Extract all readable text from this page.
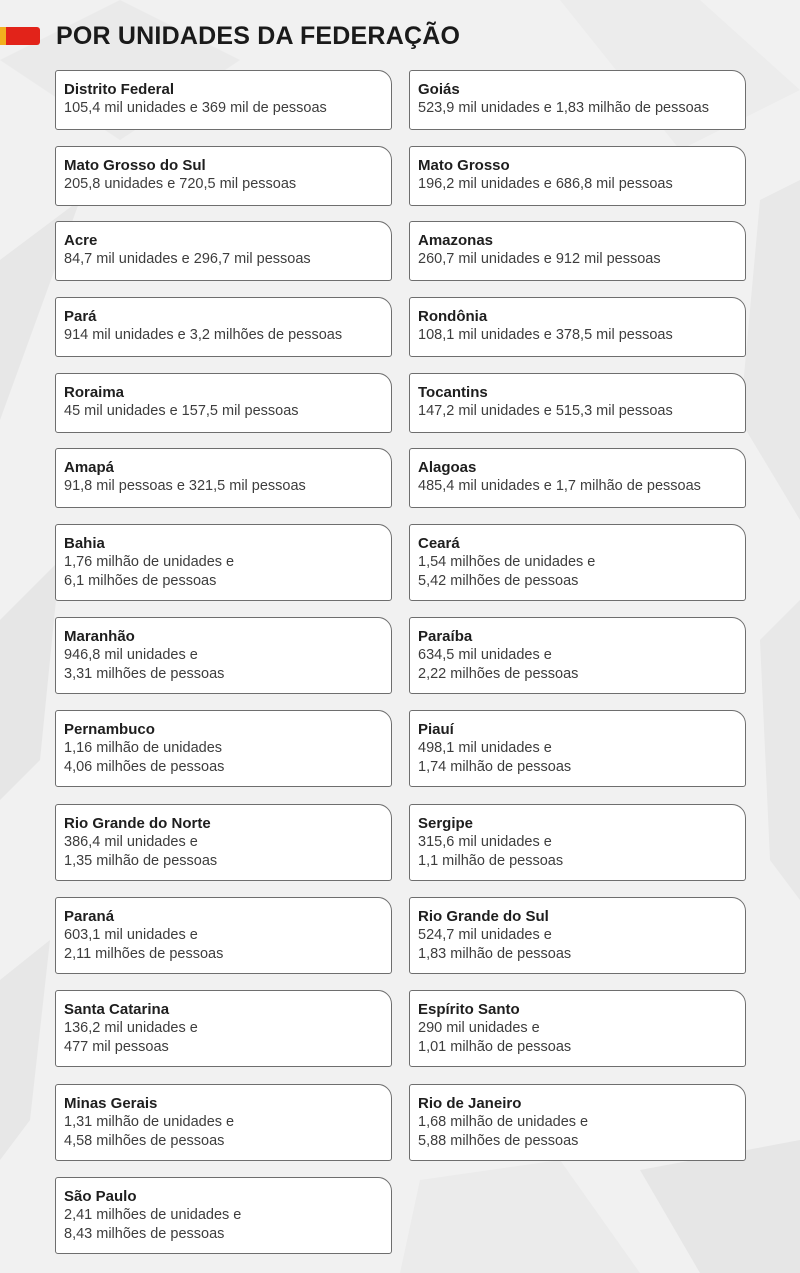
POR UNIDADES DA FEDERAÇÃO
Distrito Federal
105,4 mil unidades e 369 mil de pessoas
Goiás
523,9 mil unidades e 1,83 milhão de pessoas
Mato Grosso do Sul
205,8 unidades e 720,5 mil pessoas
Mato Grosso
196,2 mil unidades e 686,8 mil pessoas
Acre
84,7 mil unidades e 296,7 mil pessoas
Amazonas
260,7 mil unidades e 912 mil pessoas
Pará
914 mil unidades e 3,2 milhões de pessoas
Rondônia
108,1 mil unidades e 378,5 mil pessoas
Roraima
45 mil unidades e 157,5 mil pessoas
Tocantins
147,2 mil unidades e 515,3 mil pessoas
Amapá
91,8 mil pessoas e 321,5 mil pessoas
Alagoas
485,4 mil unidades e 1,7 milhão de pessoas
Bahia
1,76 milhão de unidades e
6,1 milhões de pessoas
Ceará
1,54 milhões de unidades e
5,42 milhões de pessoas
Maranhão
946,8 mil unidades e
3,31 milhões de pessoas
Paraíba
634,5 mil unidades e
2,22 milhões de pessoas
Pernambuco
1,16 milhão de unidades
4,06 milhões de pessoas
Piauí
498,1 mil unidades e
1,74 milhão de pessoas
Rio Grande do Norte
386,4 mil unidades e
1,35 milhão de pessoas
Sergipe
315,6 mil unidades e
1,1 milhão de pessoas
Paraná
603,1 mil unidades e
2,11 milhões de pessoas
Rio Grande do Sul
524,7 mil unidades e
1,83 milhão de pessoas
Santa Catarina
136,2 mil unidades e
477 mil pessoas
Espírito Santo
290 mil unidades e
1,01 milhão de pessoas
Minas Gerais
1,31 milhão de unidades e
4,58 milhões de pessoas
Rio de Janeiro
1,68 milhão de unidades e
5,88 milhões de pessoas
São Paulo
2,41 milhões de unidades e
8,43 milhões de pessoas
